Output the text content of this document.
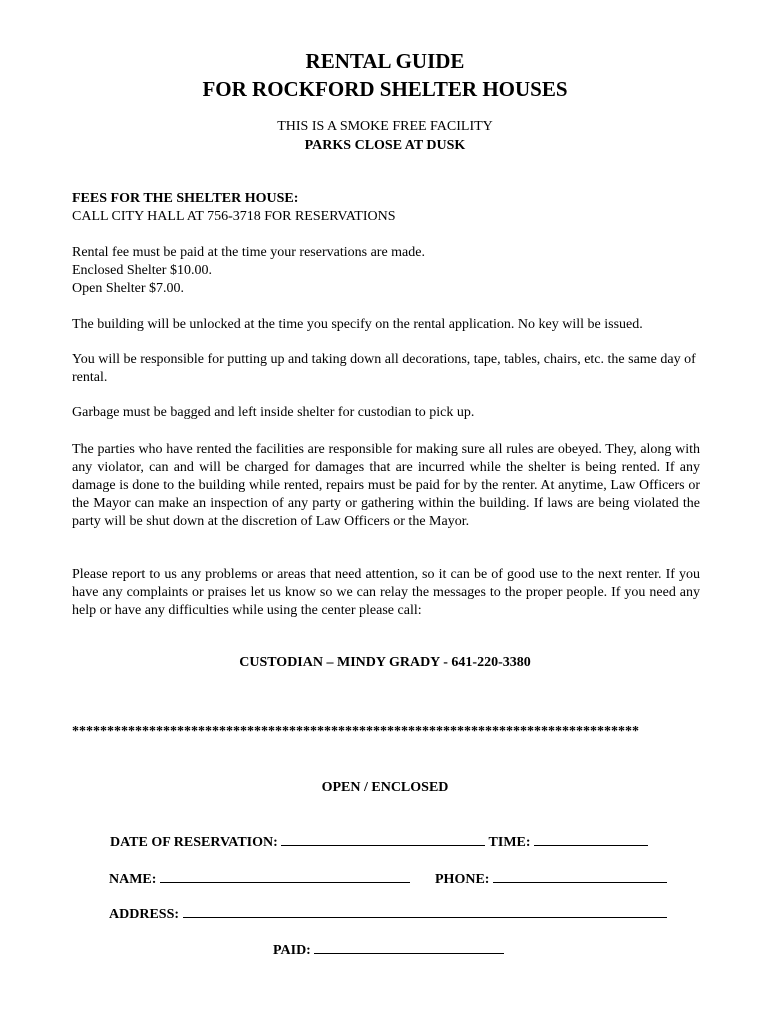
RENTAL GUIDE
FOR ROCKFORD SHELTER HOUSES
THIS IS A SMOKE FREE FACILITY
PARKS CLOSE AT DUSK
FEES FOR THE SHELTER HOUSE:
CALL CITY HALL AT 756-3718 FOR RESERVATIONS
Rental fee must be paid at the time your reservations are made.
Enclosed Shelter $10.00.
Open Shelter $7.00.
The building will be unlocked at the time you specify on the rental application. No key will be issued.
You will be responsible for putting up and taking down all decorations, tape, tables, chairs, etc. the same day of rental.
Garbage must be bagged and left inside shelter for custodian to pick up.
The parties who have rented the facilities are responsible for making sure all rules are obeyed. They, along with any violator, can and will be charged for damages that are incurred while the shelter is being rented. If any damage is done to the building while rented, repairs must be paid for by the renter. At anytime, Law Officers or the Mayor can make an inspection of any party or gathering within the building. If laws are being violated the party will be shut down at the discretion of Law Officers or the Mayor.
Please report to us any problems or areas that need attention, so it can be of good use to the next renter. If you have any complaints or praises let us know so we can relay the messages to the proper people. If you need any help or have any difficulties while using the center please call:
CUSTODIAN – MINDY GRADY - 641-220-3380
*********************************************************************************
OPEN / ENCLOSED
DATE OF RESERVATION:	TIME:
NAME:	PHONE:
ADDRESS:
PAID:
